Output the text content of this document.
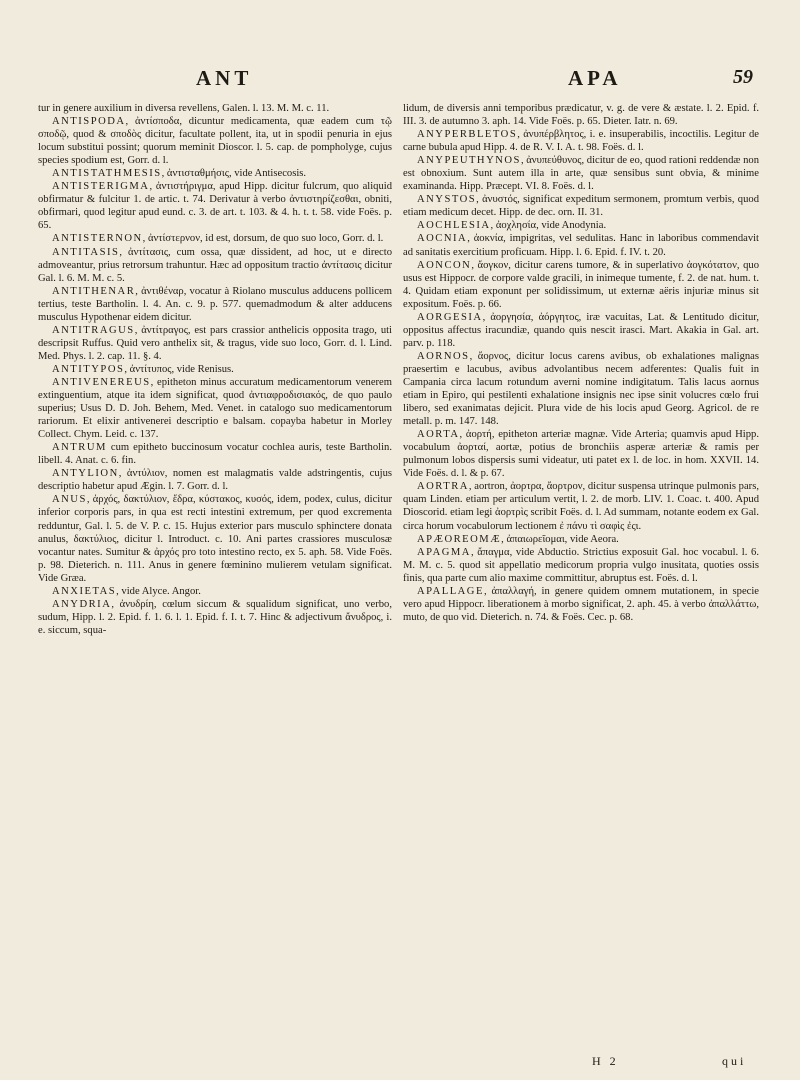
ANT	APA	59

tur in genere auxilium in diversa revellens, Galen. l. 13. M. M. c. 11.

ANTISPODA, ἀντίσποδα, dicuntur medicamenta, quæ eadem cum τῷ σποδῷ, quod & σποδὸς dicitur, facultate pollent, ita, ut in spodii penuria in ejus locum substitui possint; quorum meminit Dioscor. l. 5. cap. de pompholyge, cujus species spodium est, Gorr. d. l.

ANTISTATHMESIS, ἀντισταθμήσις, vide Antisecosis.

ANTISTERIGMA, ἀντιστήριγμα, apud Hipp. dicitur fulcrum, quo aliquid obfirmatur & fulcitur 1. de artic. t. 74. Derivatur à verbo ἀντιστηρίζεσθαι, obniti, obfirmari, quod legitur apud eund. c. 3. de art. t. 103. & 4. h. t. t. 58. vide Foës. p. 65.

ANTISTERNON, ἀντίστερνον, id est, dorsum, de quo suo loco, Gorr. d. l.

ANTITASIS, ἀντίτασις, cum ossa, quæ dissident, ad hoc, ut e directo admoveantur, prius retrorsum trahuntur. Hæc ad oppositum tractio ἀντίτασις dicitur Gal. l. 6. M. M. c. 5.

ANTITHENAR, ἀντιθέναρ, vocatur à Riolano musculus adducens pollicem tertius, teste Bartholin. l. 4. An. c. 9. p. 577. quemadmodum & alter adducens musculus Hypothenar eidem dicitur.

ANTITRAGUS, ἀντίτραγος, est pars crassior anthelicis opposita trago, uti descripsit Ruffus. Quid vero anthelix sit, & tragus, vide suo loco, Gorr. d. l. Lind. Med. Phys. l. 2. cap. 11. §. 4.

ANTITYPOS, ἀντίτυπος, vide Renisus.

ANTIVENEREUS, epitheton minus accuratum medicamentorum venerem extinguentium, atque ita idem significat, quod ἀντιαφροδισιακός, de quo paulo superius; Usus D. D. Joh. Behem, Med. Venet. in catalogo suo medicamentorum rariorum. Et elixir antivenerei descriptio e balsam. copayba habetur in Morley Collect. Chym. Leid. c. 137.

ANTRUM cum epitheto buccinosum vocatur cochlea auris, teste Bartholin. libell. 4. Anat. c. 6. fin.

ANTYLION, ἀντύλιον, nomen est malagmatis valde adstringentis, cujus descriptio habetur apud Ægin. l. 7. Gorr. d. l.

ANUS, ἀρχός, δακτύλιον, ἕδρα, κύστακος, κυσός, idem, podex, culus, dicitur inferior corporis pars, in qua est recti intestini extremum, per quod excrementa redduntur, Gal. l. 5. de V. P. c. 15. Hujus exterior pars musculo sphinctere donata anulus, δακτύλιος, dicitur l. Introduct. c. 10. Ani partes crassiores musculosæ vocantur nates. Sumitur & ἀρχός pro toto intestino recto, ex 5. aph. 58. Vide Foës. p. 98. Dieterich. n. 111. Anus in genere fœminino mulierem vetulam significat. Vide Græa.

ANXIETAS, vide Alyce. Angor.

ANYDRIA, ἀνυδρίη, cœlum siccum & squalidum significat, uno verbo, sudum, Hipp. l. 2. Epid. f. 1. 6. l. 1. Epid. f. I. t. 7. Hinc & adjectivum ἄνυδρος, i. e. siccum, squa-

lidum, de diversis anni temporibus prædicatur, v. g. de vere & æstate. l. 2. Epid. f. III. 3. de autumno 3. aph. 14. Vide Foës. p. 65. Dieter. Iatr. n. 69.

ANYPERBLETOS, ἀνυπέρβλητος, i. e. insuperabilis, incoctilis. Legitur de carne bubula apud Hipp. 4. de R. V. I. A. t. 98. Foës. d. l.

ANYPEUTHYNOS, ἀνυπεύθυνος, dicitur de eo, quod rationi reddendæ non est obnoxium. Sunt autem illa in arte, quæ sensibus sunt obvia, & minime examinanda. Hipp. Præcept. VI. 8. Foës. d. l.

ANYSTOS, ἀνυστός, significat expeditum sermonem, promtum verbis, quod etiam medicum decet. Hipp. de dec. orn. II. 31.

AOCHLESIA, ἀοχλησία, vide Anodynia.

AOCNIA, ἀοκνία, impigritas, vel sedulitas. Hanc in laboribus commendavit ad sanitatis exercitium proficuam. Hipp. l. 6. Epid. f. IV. t. 20.

AONCON, ἄογκον, dicitur carens tumore, & in superlativo ἀογκότατον, quo usus est Hippocr. de corpore valde gracili, in inimeque tumente, f. 2. de nat. hum. t. 4. Quidam etiam exponunt per solidissimum, ut externæ aëris injuriæ minus sit expositum. Foës. p. 66.

AORGESIA, ἀοργησία, ἀόργητος, iræ vacuitas, Lat. & Lentitudo dicitur, oppositus affectus iracundiæ, quando quis nescit irasci. Mart. Akakia in Gal. art. parv. p. 118.

AORNOS, ἄορνος, dicitur locus carens avibus, ob exhalationes malignas praesertim e lacubus, avibus advolantibus necem adferentes: Qualis fuit in Campania circa lacum rotundum averni nomine indigitatum. Talis lacus aornus etiam in Epiro, qui pestilenti exhalatione insignis nec ipse sinit volucres cœlo frui libero, sed exanimatas dejicit. Plura vide de his locis apud Georg. Agricol. de re metall. p. m. 147. 148.

AORTA, ἀορτή, epitheton arteriæ magnæ. Vide Arteria; quamvis apud Hipp. vocabulum ἀορταί, aortæ, potius de bronchiis asperæ arteriæ & ramis per pulmonum lobos dispersis sumi videatur, uti patet ex l. de loc. in hom. XXVII. 14. Vide Foës. d. l. & p. 67.

AORTRA, aortron, ἀορτρα, ἄορτρον, dicitur suspensa utrinque pulmonis pars, quam Linden. etiam per articulum vertit, l. 2. de morb. LIV. 1. Coac. t. 400. Apud Dioscorid. etiam legi ἀορτρὶς scribit Foës. d. l. Ad summam, notante eodem ex Gal. circa horum vocabulorum lectionem ἐ πάνυ τὶ σαφὶς ἐςι.

APÆOREOMÆ, ἀπαιωρεῖομαι, vide Aeora.

APAGMA, ἄπαγμα, vide Abductio. Strictius exposuit Gal. hoc vocabul. l. 6. M. M. c. 5. quod sit appellatio medicorum propria vulgo inusitata, quoties ossis finis, qua parte cum alio maxime committitur, abruptus est. Foës. d. l.

APALLAGE, ἀπαλλαγή, in genere quidem omnem mutationem, in specie vero apud Hippocr. liberationem à morbo significat, 2. aph. 45. à verbo ἀπαλλάττω, muto, de quo vid. Dieterich. n. 74. & Foës. Cec. p. 68.

H 2	qui
